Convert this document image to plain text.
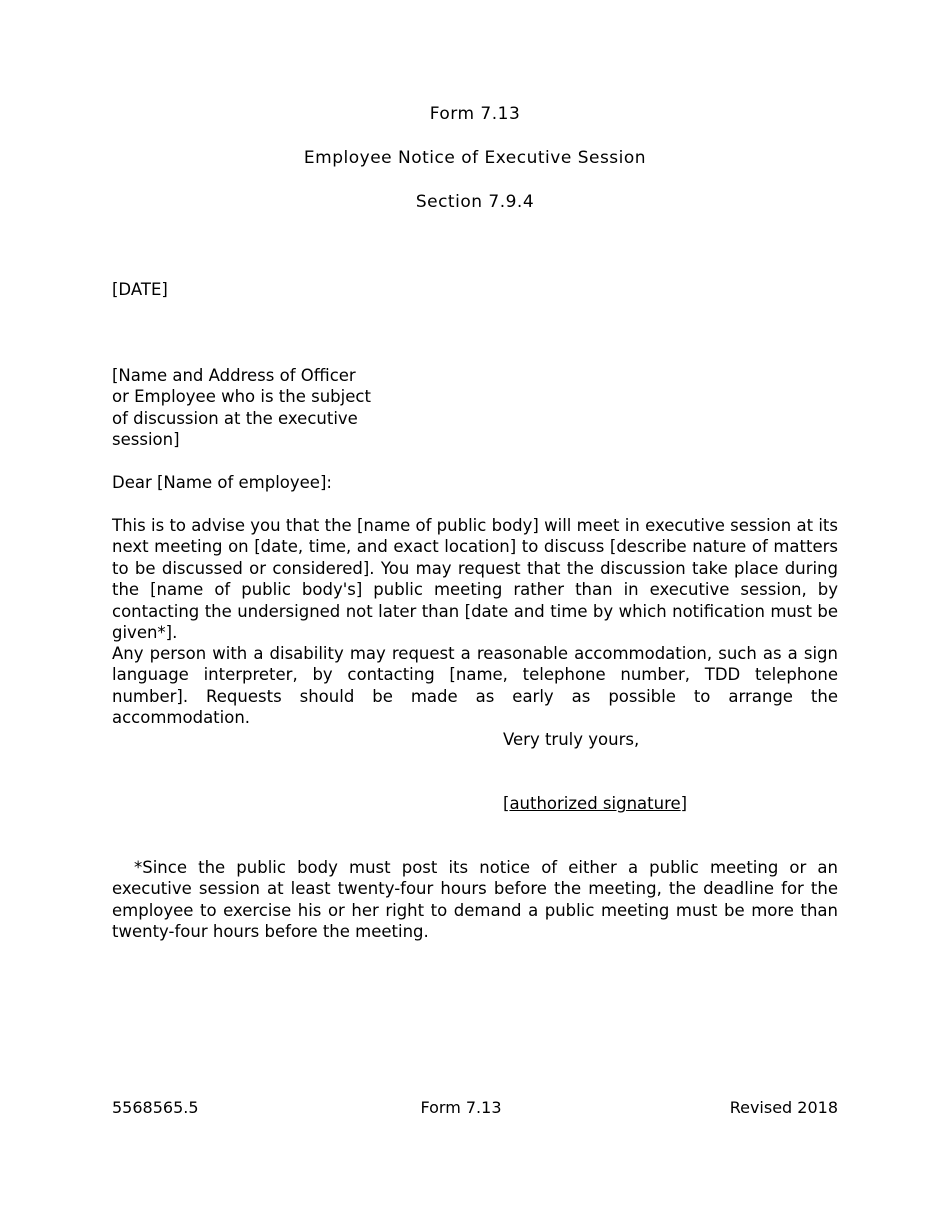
Form 7.13

Employee Notice of Executive Session

Section 7.9.4

[DATE]

[Name and Address of Officer
or Employee who is the subject
of discussion at the executive
session]

Dear [Name of employee]:

This is to advise you that the [name of public body] will meet in executive session at its next meeting on [date, time, and exact location] to discuss [describe nature of matters to be discussed or considered]. You may request that the discussion take place during the [name of public body's] public meeting rather than in executive session, by contacting the undersigned not later than [date and time by which notification must be given*].

Any person with a disability may request a reasonable accommodation, such as a sign language interpreter, by contacting [name, telephone number, TDD telephone number]. Requests should be made as early as possible to arrange the accommodation.

Very truly yours,

[authorized signature]

*Since the public body must post its notice of either a public meeting or an executive session at least twenty-four hours before the meeting, the deadline for the employee to exercise his or her right to demand a public meeting must be more than twenty-four hours before the meeting.

5568565.5	Form 7.13	Revised 2018
